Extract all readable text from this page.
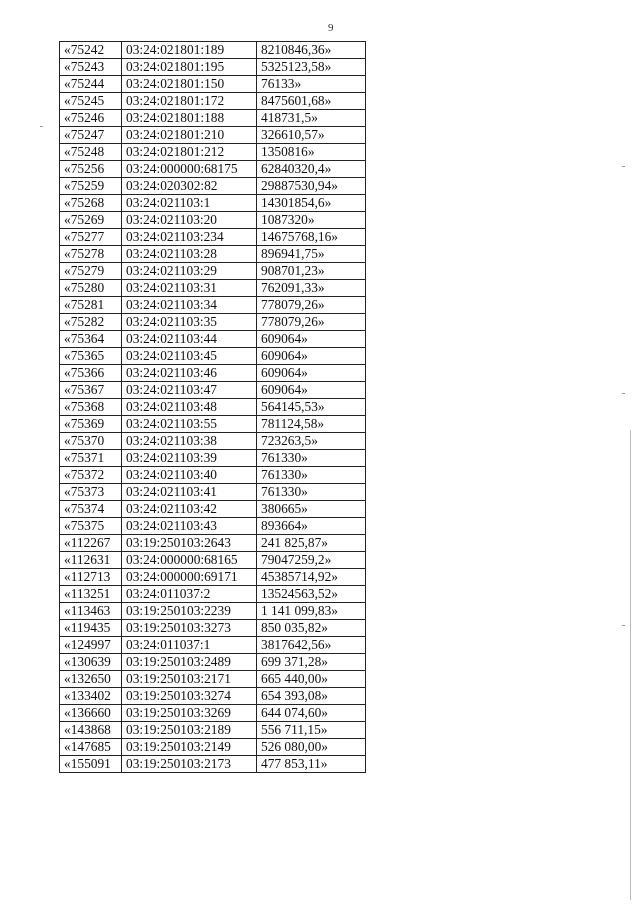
9
«75242	03:24:021801:189	8210846,36»
«75243	03:24:021801:195	5325123,58»
«75244	03:24:021801:150	76133»
«75245	03:24:021801:172	8475601,68»
«75246	03:24:021801:188	418731,5»
«75247	03:24:021801:210	326610,57»
«75248	03:24:021801:212	1350816»
«75256	03:24:000000:68175	62840320,4»
«75259	03:24:020302:82	29887530,94»
«75268	03:24:021103:1	14301854,6»
«75269	03:24:021103:20	1087320»
«75277	03:24:021103:234	14675768,16»
«75278	03:24:021103:28	896941,75»
«75279	03:24:021103:29	908701,23»
«75280	03:24:021103:31	762091,33»
«75281	03:24:021103:34	778079,26»
«75282	03:24:021103:35	778079,26»
«75364	03:24:021103:44	609064»
«75365	03:24:021103:45	609064»
«75366	03:24:021103:46	609064»
«75367	03:24:021103:47	609064»
«75368	03:24:021103:48	564145,53»
«75369	03:24:021103:55	781124,58»
«75370	03:24:021103:38	723263,5»
«75371	03:24:021103:39	761330»
«75372	03:24:021103:40	761330»
«75373	03:24:021103:41	761330»
«75374	03:24:021103:42	380665»
«75375	03:24:021103:43	893664»
«112267	03:19:250103:2643	241 825,87»
«112631	03:24:000000:68165	79047259,2»
«112713	03:24:000000:69171	45385714,92»
«113251	03:24:011037:2	13524563,52»
«113463	03:19:250103:2239	1 141 099,83»
«119435	03:19:250103:3273	850 035,82»
«124997	03:24:011037:1	3817642,56»
«130639	03:19:250103:2489	699 371,28»
«132650	03:19:250103:2171	665 440,00»
«133402	03:19:250103:3274	654 393,08»
«136660	03:19:250103:3269	644 074,60»
«143868	03:19:250103:2189	556 711,15»
«147685	03:19:250103:2149	526 080,00»
«155091	03:19:250103:2173	477 853,11»
